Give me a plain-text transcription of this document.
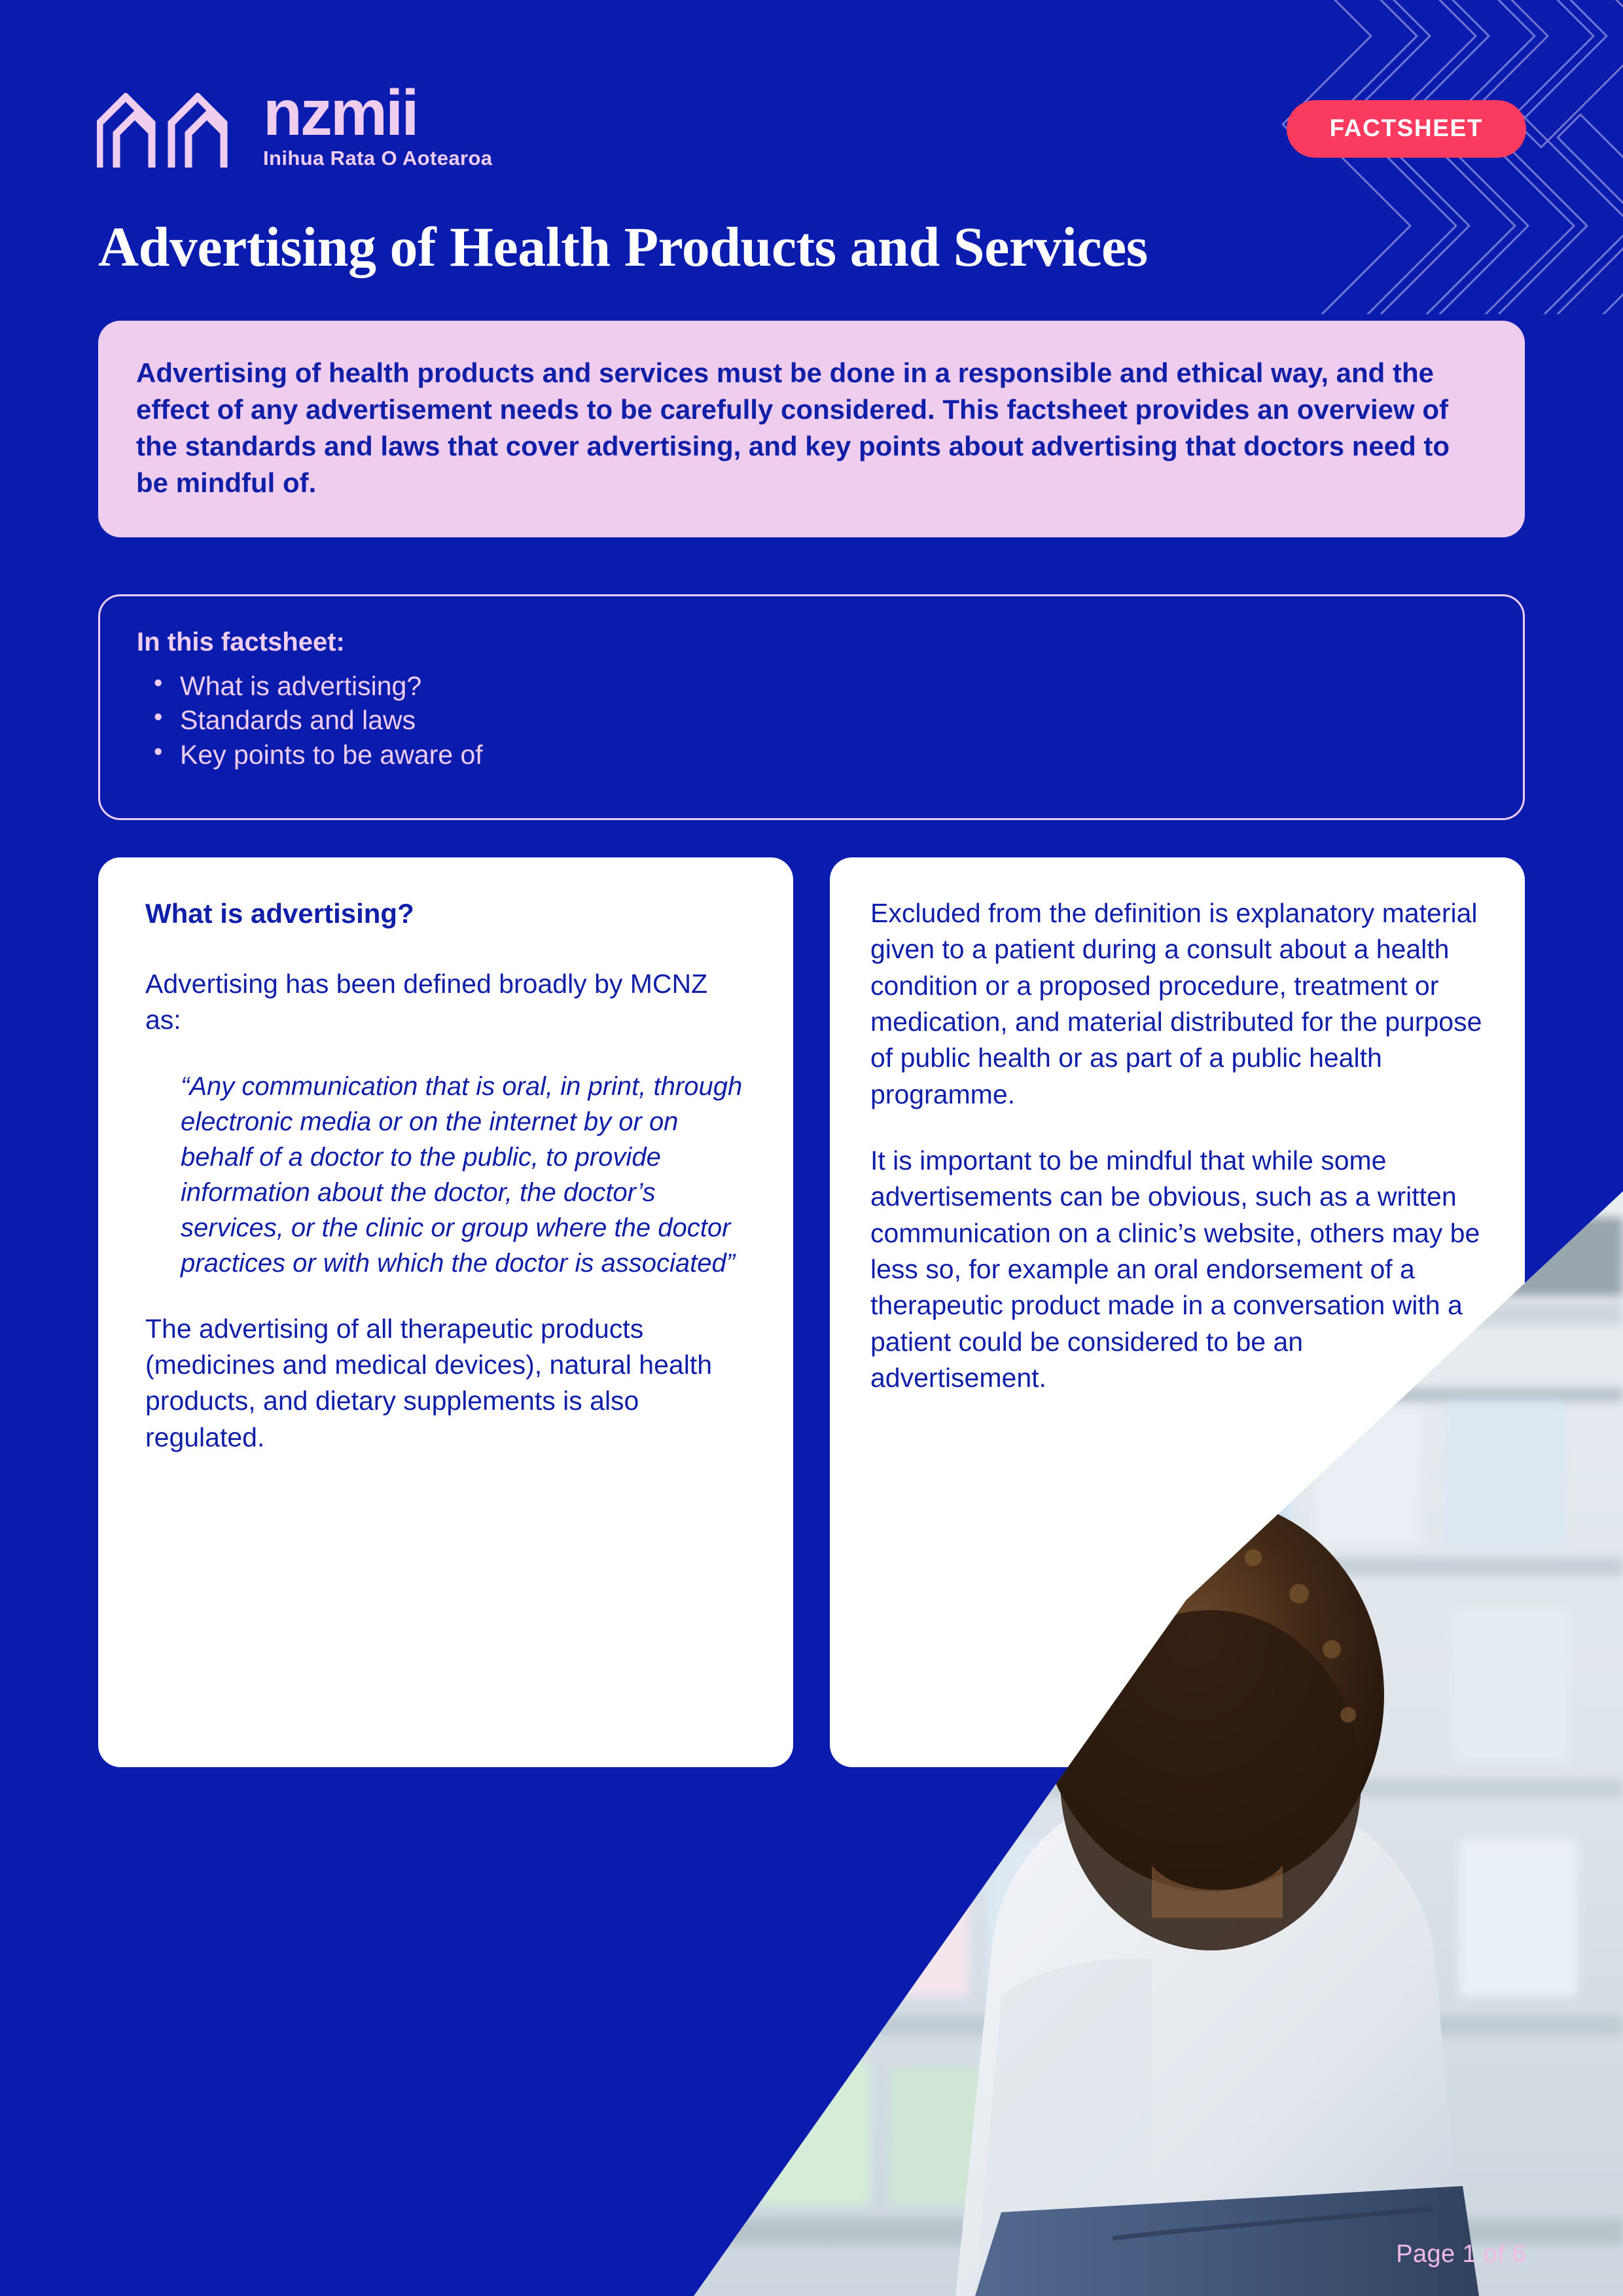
nzmii
Inihua Rata O Aotearoa
FACTSHEET
Advertising of Health Products and Services

Advertising of health products and services must be done in a responsible and ethical way, and the effect of any advertisement needs to be carefully considered. This factsheet provides an overview of the standards and laws that cover advertising, and key points about advertising that doctors need to be mindful of.

In this factsheet:
• What is advertising?
• Standards and laws
• Key points to be aware of
What is advertising?

Advertising has been defined broadly by MCNZ as:

“Any communication that is oral, in print, through electronic media or on the internet by or on behalf of a doctor to the public, to provide information about the doctor, the doctor’s services, or the clinic or group where the doctor practices or with which the doctor is associated”

The advertising of all therapeutic products (medicines and medical devices), natural health products, and dietary supplements is also regulated.

Excluded from the definition is explanatory material given to a patient during a consult about a health condition or a proposed procedure, treatment or medication, and material distributed for the purpose of public health or as part of a public health programme.

It is important to be mindful that while some advertisements can be obvious, such as a written communication on a clinic’s website, others may be less so, for example an oral endorsement of a therapeutic product made in a conversation with a patient could be considered to be an advertisement.

Page 1 of 6
